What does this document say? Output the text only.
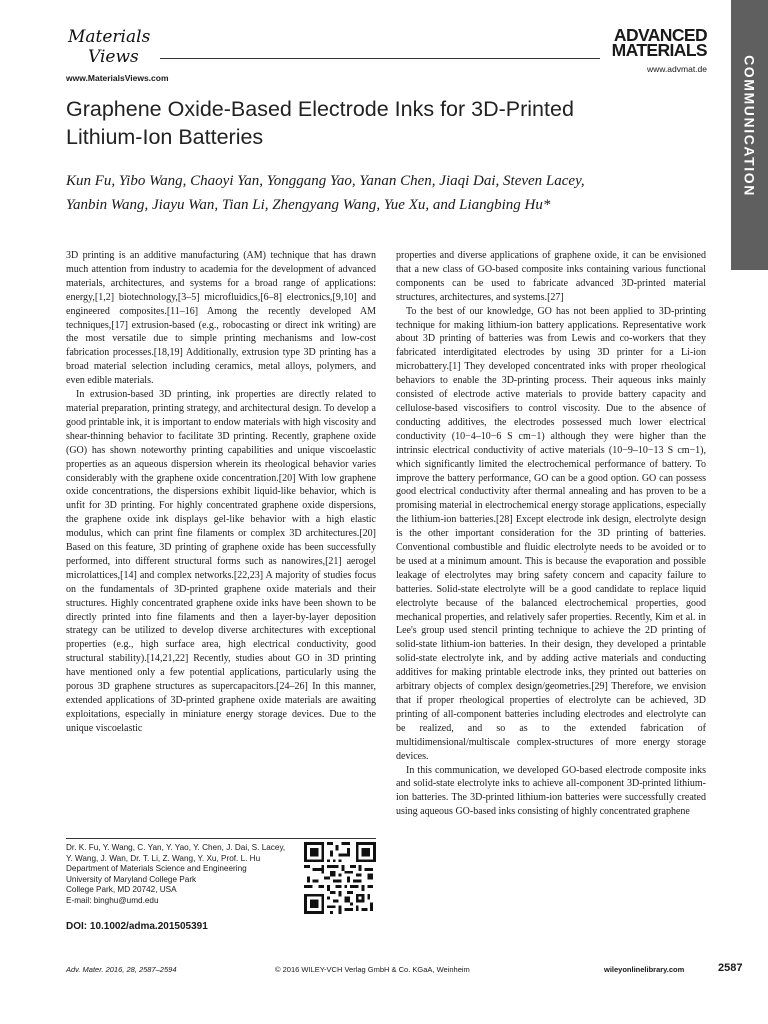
Materials
Views
www.MaterialsViews.com
ADVANCED
MATERIALS
www.advmat.de COMMUNICATION
Graphene Oxide-Based Electrode Inks for 3D-Printed
Lithium-Ion Batteries
Kun Fu, Yibo Wang, Chaoyi Yan, Yonggang Yao, Yanan Chen, Jiaqi Dai, Steven Lacey,
Yanbin Wang, Jiayu Wan, Tian Li, Zhengyang Wang, Yue Xu, and Liangbing Hu*

3D printing is an additive manufacturing (AM) technique that has drawn much attention from industry to academia for the development of advanced materials, architectures, and systems for a broad range of applications: energy,[1,2] biotechnology,[3–5] microfluidics,[6–8] electronics,[9,10] and engineered composites.[11–16] Among the recently developed AM techniques,[17] extrusion-based (e.g., robocasting or direct ink writing) are the most versatile due to simple printing mechanisms and low-cost fabrication processes.[18,19] Additionally, extrusion type 3D printing has a broad material selection including ceramics, metal alloys, polymers, and even edible materials.

In extrusion-based 3D printing, ink properties are directly related to material preparation, printing strategy, and architectural design. To develop a good printable ink, it is important to endow materials with high viscosity and shear-thinning behavior to facilitate 3D printing. Recently, graphene oxide (GO) has shown noteworthy printing capabilities and unique viscoelastic properties as an aqueous dispersion wherein its rheological behavior varies considerably with the graphene oxide concentration.[20] With low graphene oxide concentrations, the dispersions exhibit liquid-like behavior, which is unfit for 3D printing. For highly concentrated graphene oxide dispersions, the graphene oxide ink displays gel-like behavior with a high elastic modulus, which can print fine filaments or complex 3D architectures.[20] Based on this feature, 3D printing of graphene oxide has been successfully performed, into different structural forms such as nanowires,[21] aerogel microlattices,[14] and complex networks.[22,23] A majority of studies focus on the fundamentals of 3D-printed graphene oxide materials and their structures. Highly concentrated graphene oxide inks have been shown to be directly printed into fine filaments and then a layer-by-layer deposition strategy can be utilized to develop diverse architectures with exceptional properties (e.g., high surface area, high electrical conductivity, good structural stability).[14,21,22] Recently, studies about GO in 3D printing have mentioned only a few potential applications, particularly using the porous 3D graphene structures as supercapacitors.[24–26] In this manner, extended applications of 3D-printed graphene oxide materials are awaiting exploitations, especially in miniature energy storage devices. Due to the unique viscoelastic

properties and diverse applications of graphene oxide, it can be envisioned that a new class of GO-based composite inks containing various functional components can be used to fabricate advanced 3D-printed material structures, architectures, and systems.[27]

To the best of our knowledge, GO has not been applied to 3D-printing technique for making lithium-ion battery applications. Representative work about 3D printing of batteries was from Lewis and co-workers that they fabricated interdigitated electrodes by using 3D printer for a Li-ion microbattery.[1] They developed concentrated inks with proper rheological behaviors to enable the 3D-printing process. Their aqueous inks mainly consisted of electrode active materials to provide battery capacity and cellulose-based viscosifiers to control viscosity. Due to the absence of conducting additives, the electrodes possessed much lower electrical conductivity (10−4–10−6 S cm−1) although they were higher than the intrinsic electrical conductivity of active materials (10−9–10−13 S cm−1), which significantly limited the electrochemical performance of battery. To improve the battery performance, GO can be a good option. GO can possess good electrical conductivity after thermal annealing and has proven to be a promising material in electrochemical energy storage applications, especially the lithium-ion batteries.[28] Except electrode ink design, electrolyte design is the other important consideration for the 3D printing of batteries. Conventional combustible and fluidic electrolyte needs to be avoided or to be used at a minimum amount. This is because the evaporation and possible leakage of electrolytes may bring safety concern and capacity failure to batteries. Solid-state electrolyte will be a good candidate to replace liquid electrolyte because of the balanced electrochemical properties, good mechanical properties, and relatively safer properties. Recently, Kim et al. in Lee's group used stencil printing technique to achieve the 2D printing of solid-state lithium-ion batteries. In their design, they developed a printable solid-state electrolyte ink, and by adding active materials and conducting additives for making printable electrode inks, they printed out batteries on arbitrary objects of complex design/geometries.[29] Therefore, we envision that if proper rheological properties of electrolyte can be achieved, 3D printing of all-component batteries including electrodes and electrolyte can be realized, and so as to the extended fabrication of multidimensional/multiscale complex-structures of more energy storage devices.

In this communication, we developed GO-based electrode composite inks and solid-state electrolyte inks to achieve all-component 3D-printed lithium-ion batteries. The 3D-printed lithium-ion batteries were successfully created using aqueous GO-based inks consisting of highly concentrated graphene

Dr. K. Fu, Y. Wang, C. Yan, Y. Yao, Y. Chen, J. Dai, S. Lacey,
Y. Wang, J. Wan, Dr. T. Li, Z. Wang, Y. Xu, Prof. L. Hu
Department of Materials Science and Engineering
University of Maryland College Park
College Park, MD 20742, USA
E-mail: binghu@umd.edu
DOI: 10.1002/adma.201505391
Adv. Mater. 2016, 28, 2587–2594	© 2016 WILEY-VCH Verlag GmbH & Co. KGaA, Weinheim	wileyonlinelibrary.com	2587
